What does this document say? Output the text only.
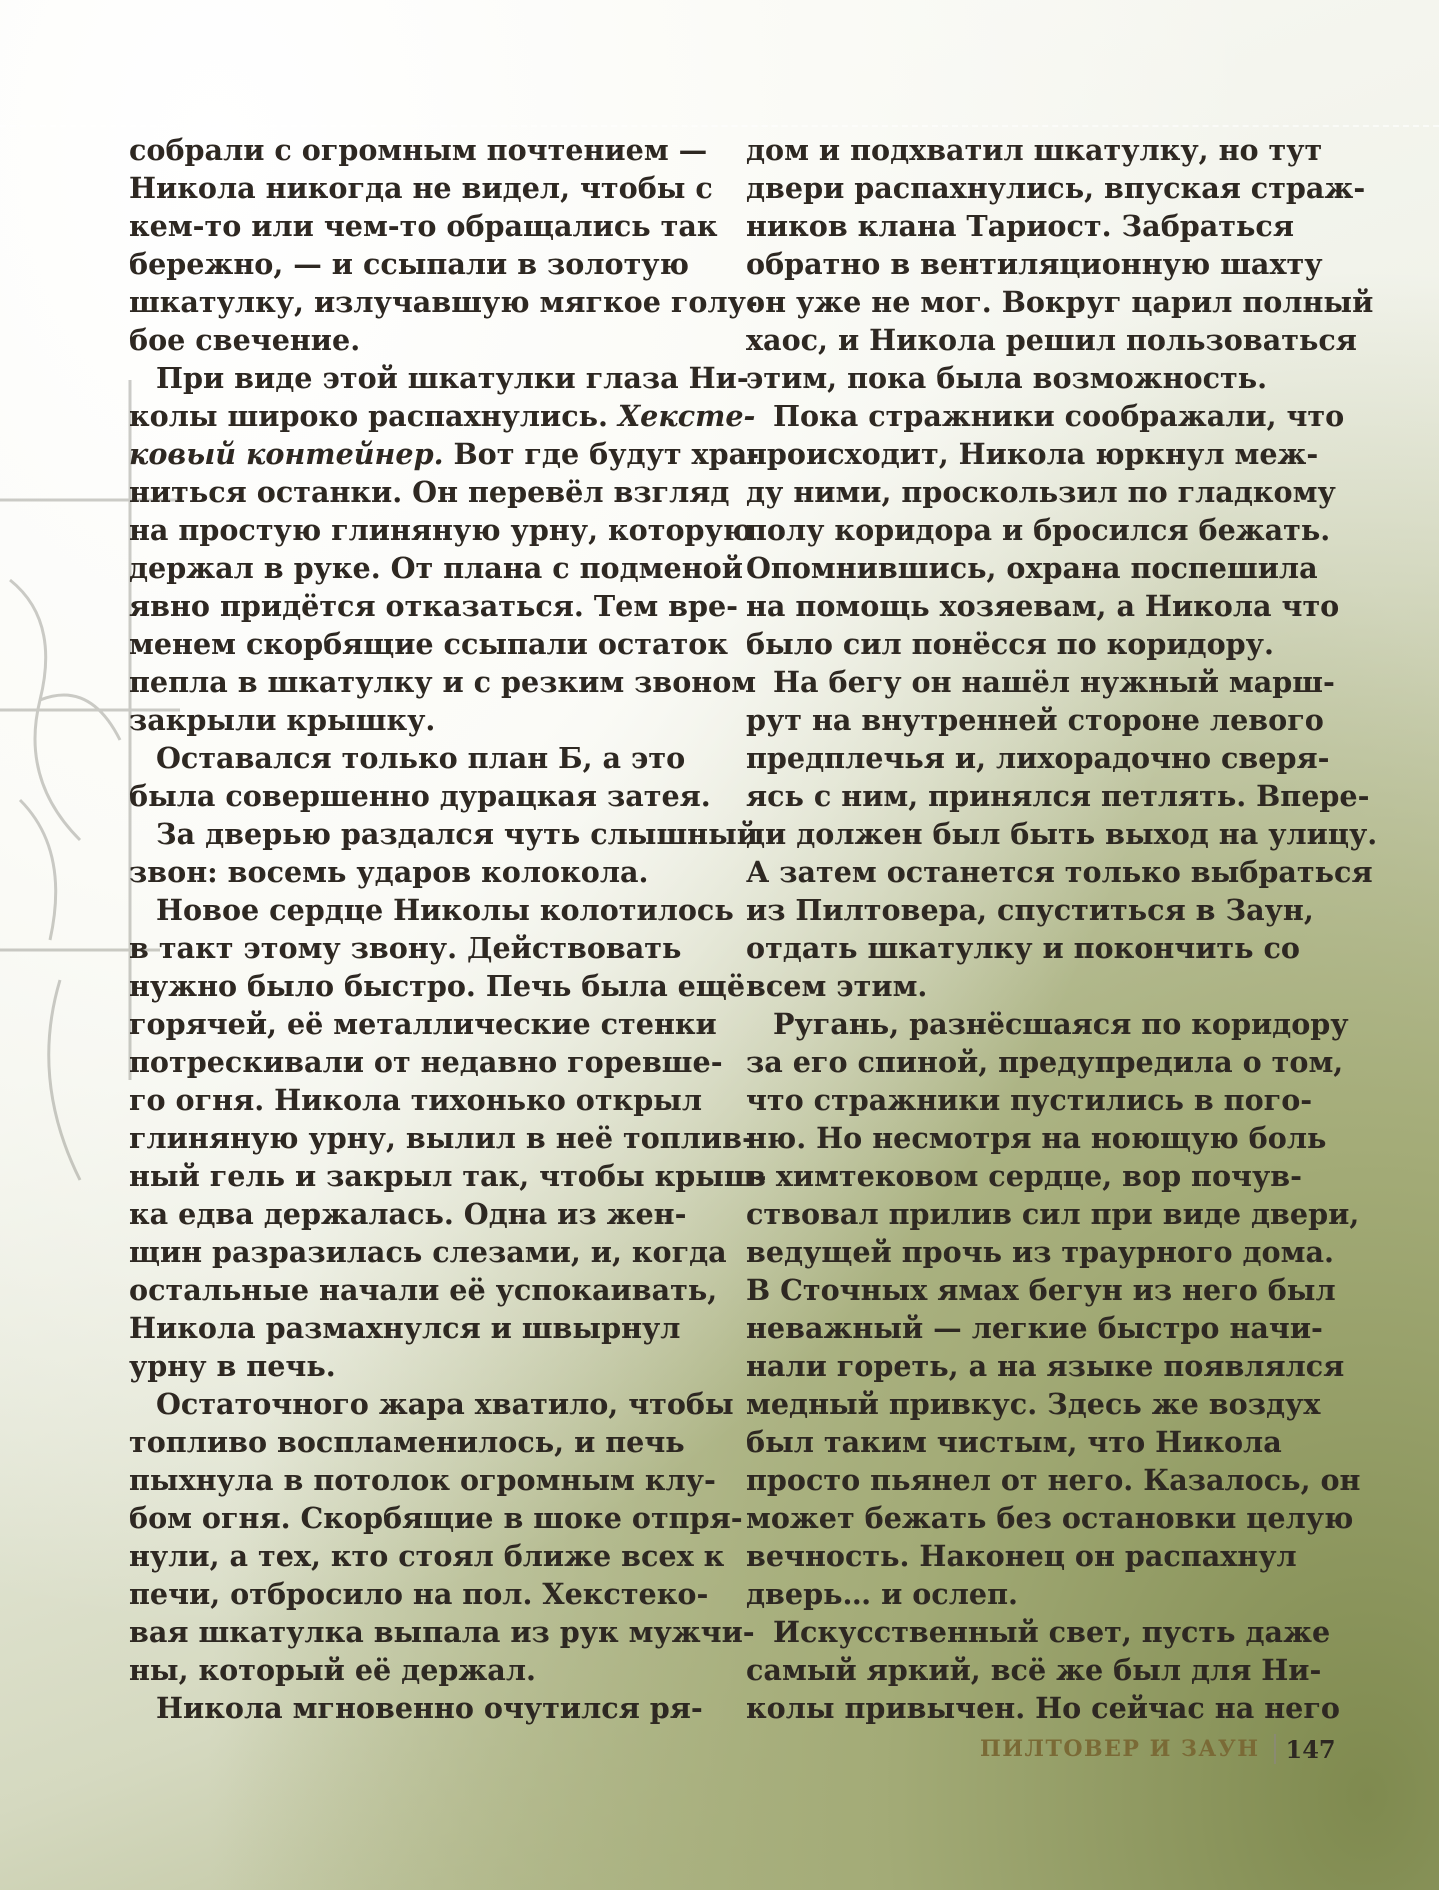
собрали с огромным почтением —
Никола никогда не видел, чтобы с
кем-то или чем-то обращались так
бережно, — и ссыпали в золотую
шкатулку, излучавшую мягкое голу-
бое свечение.
При виде этой шкатулки глаза Ни-
колы широко распахнулись. Хексте-
ковый контейнер. Вот где будут хра-
ниться останки. Он перевёл взгляд
на простую глиняную урну, которую
держал в руке. От плана с подменой
явно придётся отказаться. Тем вре-
менем скорбящие ссыпали остаток
пепла в шкатулку и с резким звоном
закрыли крышку.
Оставался только план Б, а это
была совершенно дурацкая затея.
За дверью раздался чуть слышный
звон: восемь ударов колокола.
Новое сердце Николы колотилось
в такт этому звону. Действовать
нужно было быстро. Печь была ещё
горячей, её металлические стенки
потрескивали от недавно горевше-
го огня. Никола тихонько открыл
глиняную урну, вылил в неё топлив-
ный гель и закрыл так, чтобы крыш-
ка едва держалась. Одна из жен-
щин разразилась слезами, и, когда
остальные начали её успокаивать,
Никола размахнулся и швырнул
урну в печь.
Остаточного жара хватило, чтобы
топливо воспламенилось, и печь
пыхнула в потолок огромным клу-
бом огня. Скорбящие в шоке отпря-
нули, а тех, кто стоял ближе всех к
печи, отбросило на пол. Хекстеко-
вая шкатулка выпала из рук мужчи-
ны, который её держал.
Никола мгновенно очутился ря-
дом и подхватил шкатулку, но тут
двери распахнулись, впуская страж-
ников клана Тариост. Забраться
обратно в вентиляционную шахту
он уже не мог. Вокруг царил полный
хаос, и Никола решил пользоваться
этим, пока была возможность.
Пока стражники соображали, что
происходит, Никола юркнул меж-
ду ними, проскользил по гладкому
полу коридора и бросился бежать.
Опомнившись, охрана поспешила
на помощь хозяевам, а Никола что
было сил понёсся по коридору.
На бегу он нашёл нужный марш-
рут на внутренней стороне левого
предплечья и, лихорадочно сверя-
ясь с ним, принялся петлять. Впере-
ди должен был быть выход на улицу.
А затем останется только выбраться
из Пилтовера, спуститься в Заун,
отдать шкатулку и покончить со
всем этим.
Ругань, разнёсшаяся по коридору
за его спиной, предупредила о том,
что стражники пустились в пого-
ню. Но несмотря на ноющую боль
в химтековом сердце, вор почув-
ствовал прилив сил при виде двери,
ведущей прочь из траурного дома.
В Сточных ямах бегун из него был
неважный — легкие быстро начи-
нали гореть, а на языке появлялся
медный привкус. Здесь же воздух
был таким чистым, что Никола
просто пьянел от него. Казалось, он
может бежать без остановки целую
вечность. Наконец он распахнул
дверь… и ослеп.
Искусственный свет, пусть даже
самый яркий, всё же был для Ни-
колы привычен. Но сейчас на него
ПИЛТОВЕР И ЗАУН 147
